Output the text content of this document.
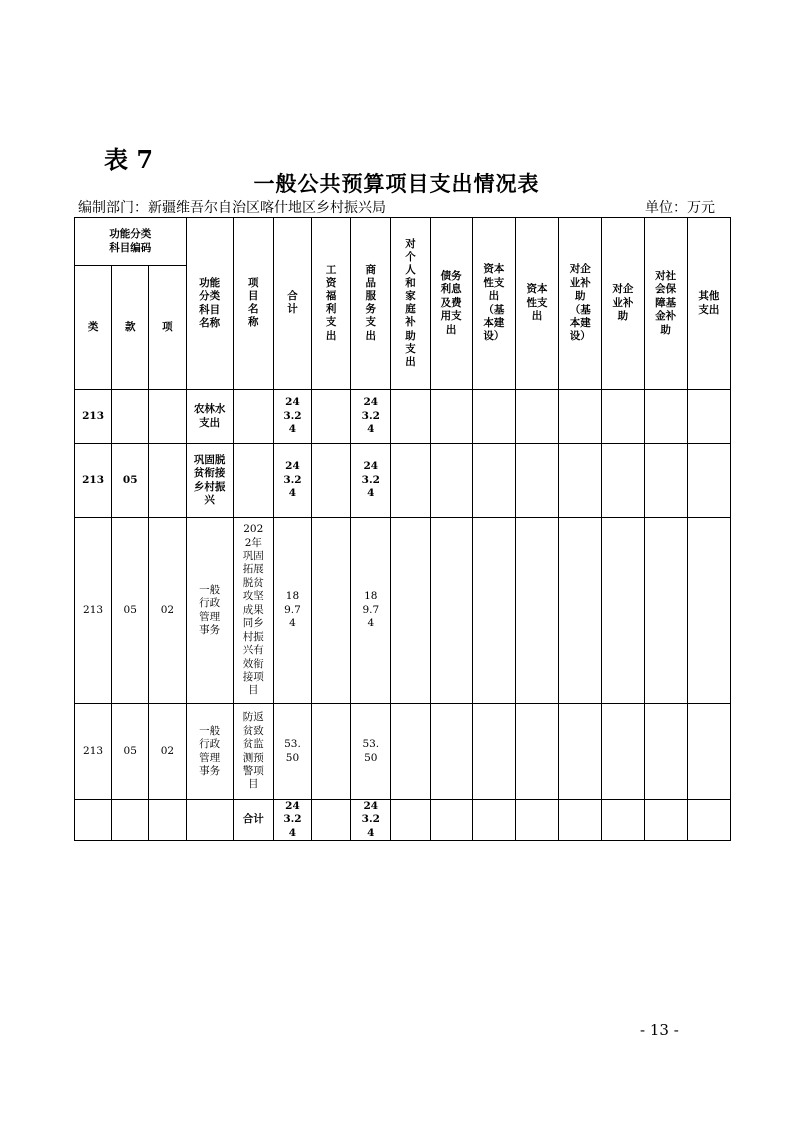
表 7
一般公共预算项目支出情况表
编制部门：新疆维吾尔自治区喀什地区乡村振兴局	单位：万元
功能分类科目编码			功能分类科目名称	项目名称	合计	工资福利支出	商品服务支出	对个人和家庭补助支出	债务利息及费用支出	资本性支出（基本建设）	资本性支出	对企业补助（基本建设）	对企业补助	对社会保障基金补助	其他支出
类	款	项													
213			农林水支出		243.24		243.24								
213	05		巩固脱贫衔接乡村振兴		243.24		243.24								
213	05	02	一般行政管理事务	2022年巩固拓展脱贫攻坚成果同乡村振兴有效衔接项目	189.74		189.74								
213	05	02	一般行政管理事务	防返贫致贫监测预警项目	53.50		53.50								
				合计	243.24		243.24								
- 13 -
